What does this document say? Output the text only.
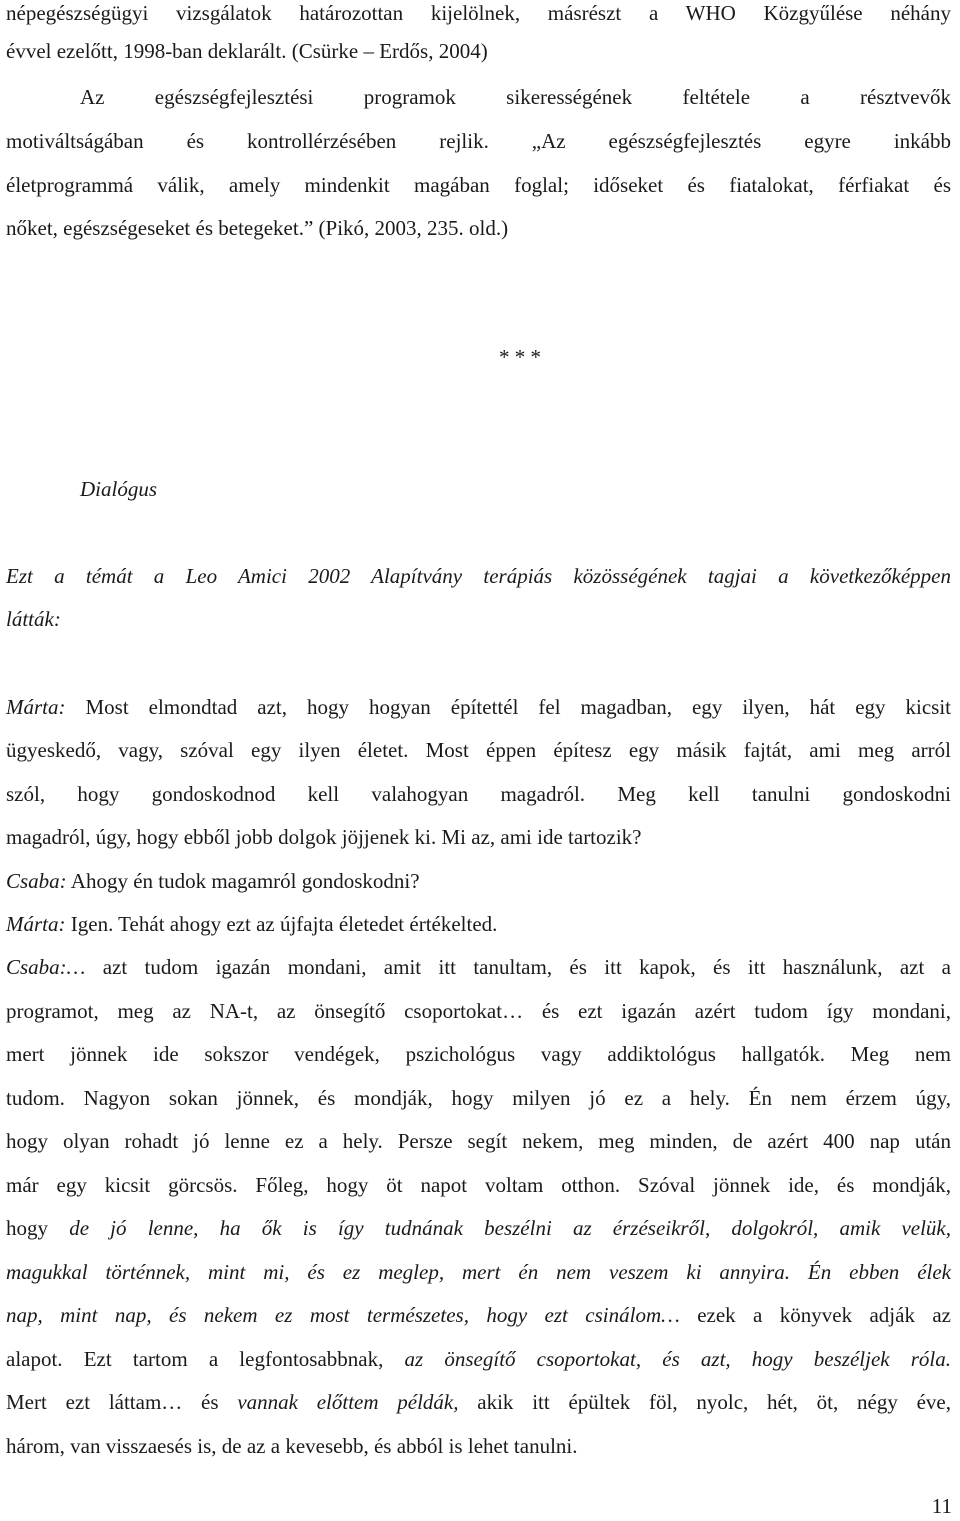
népegészségügyi vizsgálatok határozottan kijelölnek, másrészt a WHO Közgyűlése néhány
évvel ezelőtt, 1998-ban deklarált. (Csürke – Erdős, 2004)
Az egészségfejlesztési programok sikerességének feltétele a résztvevők
motiváltságában és kontrollérzésében rejlik. „Az egészségfejlesztés egyre inkább
életprogrammá válik, amely mindenkit magában foglal; időseket és fiatalokat, férfiakat és
nőket, egészségeseket és betegeket.” (Pikó, 2003, 235. old.)
* * *
Dialógus
Ezt a témát a Leo Amici 2002 Alapítvány terápiás közösségének tagjai a következőképpen
látták:
Márta: Most elmondtad azt, hogy hogyan építettél fel magadban, egy ilyen, hát egy kicsit
ügyeskedő, vagy, szóval egy ilyen életet. Most éppen építesz egy másik fajtát, ami meg arról
szól, hogy gondoskodnod kell valahogyan magadról. Meg kell tanulni gondoskodni
magadról, úgy, hogy ebből jobb dolgok jöjjenek ki. Mi az, ami ide tartozik?
Csaba: Ahogy én tudok magamról gondoskodni?
Márta: Igen. Tehát ahogy ezt az újfajta életedet értékelted.
Csaba:… azt tudom igazán mondani, amit itt tanultam, és itt kapok, és itt használunk, azt a
programot, meg az NA-t, az önsegítő csoportokat… és ezt igazán azért tudom így mondani,
mert jönnek ide sokszor vendégek, pszichológus vagy addiktológus hallgatók. Meg nem
tudom. Nagyon sokan jönnek, és mondják, hogy milyen jó ez a hely. Én nem érzem úgy,
hogy olyan rohadt jó lenne ez a hely. Persze segít nekem, meg minden, de azért 400 nap után
már egy kicsit görcsös. Főleg, hogy öt napot voltam otthon. Szóval jönnek ide, és mondják,
hogy de jó lenne, ha ők is így tudnának beszélni az érzéseikről, dolgokról, amik velük,
magukkal történnek, mint mi, és ez meglep, mert én nem veszem ki annyira. Én ebben élek
nap, mint nap, és nekem ez most természetes, hogy ezt csinálom… ezek a könyvek adják az
alapot. Ezt tartom a legfontosabbnak, az önsegítő csoportokat, és azt, hogy beszéljek róla.
Mert ezt láttam… és vannak előttem példák, akik itt épültek föl, nyolc, hét, öt, négy éve,
három, van visszaesés is, de az a kevesebb, és abból is lehet tanulni.
11
